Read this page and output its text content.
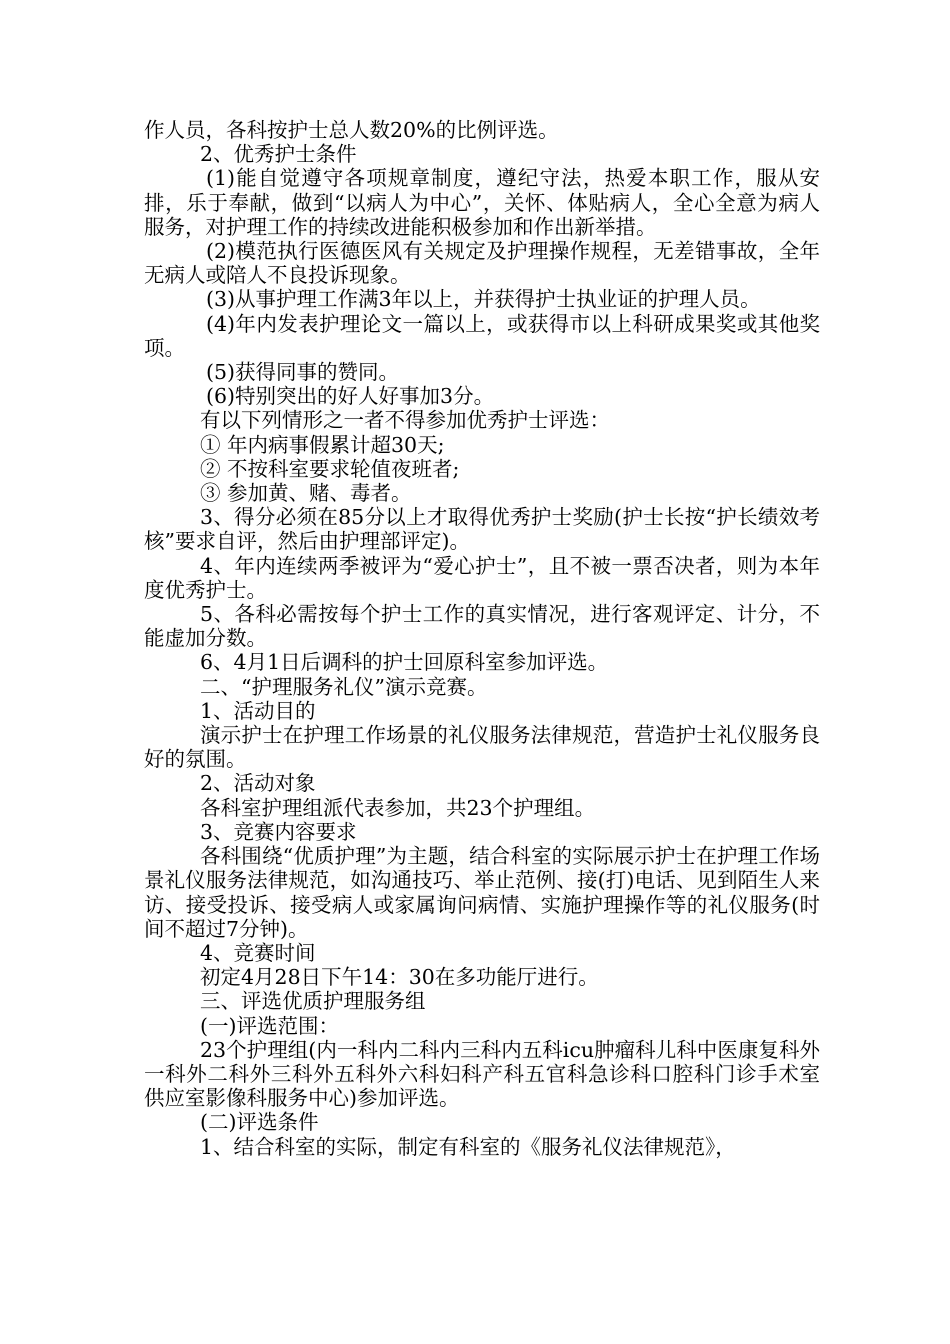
作人员，各科按护士总人数20%的比例评选。

2、优秀护士条件

(1)能自觉遵守各项规章制度，遵纪守法，热爱本职工作，服从安排，乐于奉献，做到“以病人为中心”，关怀、体贴病人，全心全意为病人服务，对护理工作的持续改进能积极参加和作出新举措。

(2)模范执行医德医风有关规定及护理操作规程，无差错事故，全年无病人或陪人不良投诉现象。

(3)从事护理工作满3年以上，并获得护士执业证的护理人员。

(4)年内发表护理论文一篇以上，或获得市以上科研成果奖或其他奖项。

(5)获得同事的赞同。

(6)特别突出的好人好事加3分。

有以下列情形之一者不得参加优秀护士评选：

① 年内病事假累计超30天;

② 不按科室要求轮值夜班者;

③ 参加黄、赌、毒者。

3、得分必须在85分以上才取得优秀护士奖励(护士长按“护长绩效考核”要求自评，然后由护理部评定)。

4、年内连续两季被评为“爱心护士”，且不被一票否决者，则为本年度优秀护士。

5、各科必需按每个护士工作的真实情况，进行客观评定、计分，不能虚加分数。

6、4月1日后调科的护士回原科室参加评选。

二、“护理服务礼仪”演示竞赛。

1、活动目的

演示护士在护理工作场景的礼仪服务法律规范，营造护士礼仪服务良好的氛围。

2、活动对象

各科室护理组派代表参加，共23个护理组。

3、竞赛内容要求

各科围绕“优质护理”为主题，结合科室的实际展示护士在护理工作场景礼仪服务法律规范，如沟通技巧、举止范例、接(打)电话、见到陌生人来访、接受投诉、接受病人或家属询问病情、实施护理操作等的礼仪服务(时间不超过7分钟)。

4、竞赛时间

初定4月28日下午14：30在多功能厅进行。

三、评选优质护理服务组

(一)评选范围：

23个护理组(内一科内二科内三科内五科icu肿瘤科儿科中医康复科外一科外二科外三科外五科外六科妇科产科五官科急诊科口腔科门诊手术室供应室影像科服务中心)参加评选。

(二)评选条件

1、结合科室的实际，制定有科室的《服务礼仪法律规范》，
